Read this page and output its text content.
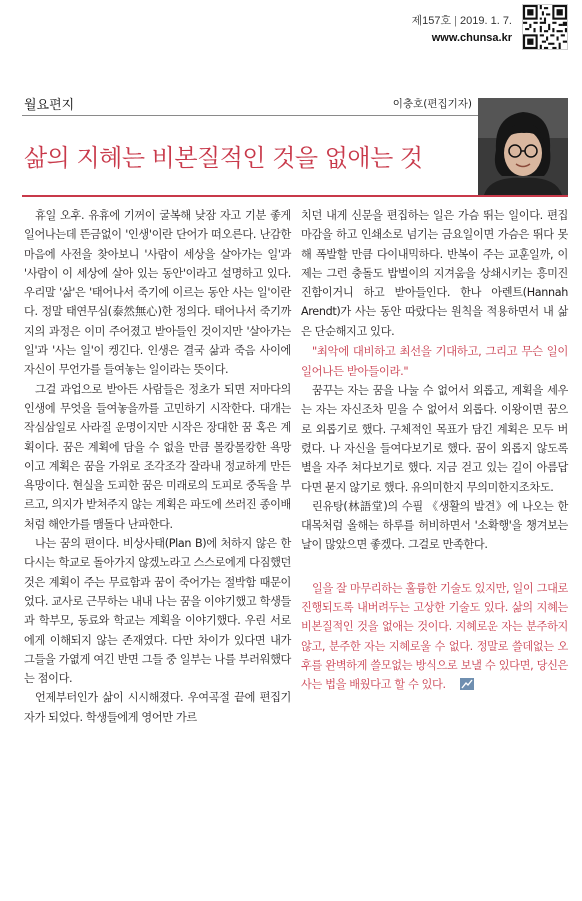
제157호 | 2019. 1. 7.
www.chunsa.kr
월요편지	이충호(편집기자)
삶의 지혜는 비본질적인 것을 없애는 것

휴일 오후. 유휴에 기꺼이 굴복해 낮잠 자고 기분 좋게 일어나는데 뜬금없이 '인생'이란 단어가 떠오른다. 난감한 마음에 사전을 찾아보니 '사람이 세상을 살아가는 일'과 '사람이 이 세상에 살아 있는 동안'이라고 설명하고 있다. 우리말 '삶'은 '태어나서 죽기에 이르는 동안 사는 일'이란다. 정말 태연무심(泰然無心)한 정의다. 태어나서 죽기까지의 과정은 이미 주어졌고 받아들인 것이지만 '살아가는 일'과 '사는 일'이 켕긴다. 인생은 결국 삶과 죽음 사이에 자신이 무언가를 들여놓는 일이라는 뜻이다.

그걸 과업으로 받아든 사람들은 정초가 되면 저마다의 인생에 무엇을 들여놓을까를 고민하기 시작한다. 대개는 작심삼일로 사라질 운명이지만 시작은 장대한 꿈 혹은 계획이다. 꿈은 계획에 담을 수 없을 만큼 몰캉몰캉한 욕망이고 계획은 꿈을 가위로 조각조각 잘라내 정교하게 만든 욕망이다. 현실을 도피한 꿈은 미래로의 도피로 중독을 부르고, 의지가 받쳐주지 않는 계획은 파도에 쓰러진 종이배처럼 해안가를 맴돌다 난파한다.

나는 꿈의 편이다. 비상사태(Plan B)에 처하지 않은 한 다시는 학교로 돌아가지 않겠노라고 스스로에게 다짐했던 것은 계획이 주는 무료함과 꿈이 죽어가는 절박함 때문이었다. 교사로 근무하는 내내 나는 꿈을 이야기했고 학생들과 학부모, 동료와 학교는 계획을 이야기했다. 우린 서로에게 이해되지 않는 존재였다. 다만 차이가 있다면 내가 그들을 가엾게 여긴 반면 그들 중 일부는 나를 부러워했다는 점이다.

언제부터인가 삶이 시시해졌다. 우여곡절 끝에 편집기자가 되었다. 학생들에게 영어만 가르

치던 내게 신문을 편집하는 일은 가슴 뛰는 일이다. 편집 마감을 하고 인쇄소로 넘기는 금요일이면 가슴은 뛰다 못해 폭발할 만큼 다이내믹하다. 반복이 주는 교훈일까, 이제는 그런 충돌도 밥벌이의 지겨움을 상쇄시키는 흥미진진함이거니 하고 받아들인다. 한나 아렌트(Hannah Arendt)가 사는 동안 따랐다는 원칙을 적용하면서 내 삶은 단순해지고 있다.

"최악에 대비하고 최선을 기대하고, 그리고 무슨 일이 일어나든 받아들이라."

꿈꾸는 자는 꿈을 나눌 수 없어서 외롭고, 계획을 세우는 자는 자신조차 믿을 수 없어서 외롭다. 이왕이면 꿈으로 외롭기로 했다. 구체적인 목표가 담긴 계획은 모두 버렸다. 나 자신을 들여다보기로 했다. 꿈이 외롭지 않도록 별을 자주 쳐다보기로 했다. 지금 걷고 있는 길이 아름답다면 묻지 않기로 했다. 유의미한지 무의미한지조차도.

린유탕(林語堂)의 수필 《생활의 발견》에 나오는 한 대목처럼 올해는 하루를 허비하면서 '소확행'을 챙겨보는 날이 많았으면 좋겠다. 그걸로 만족한다.

일을 잘 마무리하는 훌륭한 기술도 있지만, 일이 그대로 진행되도록 내버려두는 고상한 기술도 있다. 삶의 지혜는 비본질적인 것을 없애는 것이다. 지혜로운 자는 분주하지 않고, 분주한 자는 지혜로울 수 없다. 정말로 쓸데없는 오후를 완벽하게 쓸모없는 방식으로 보낼 수 있다면, 당신은 사는 법을 배웠다고 할 수 있다.
